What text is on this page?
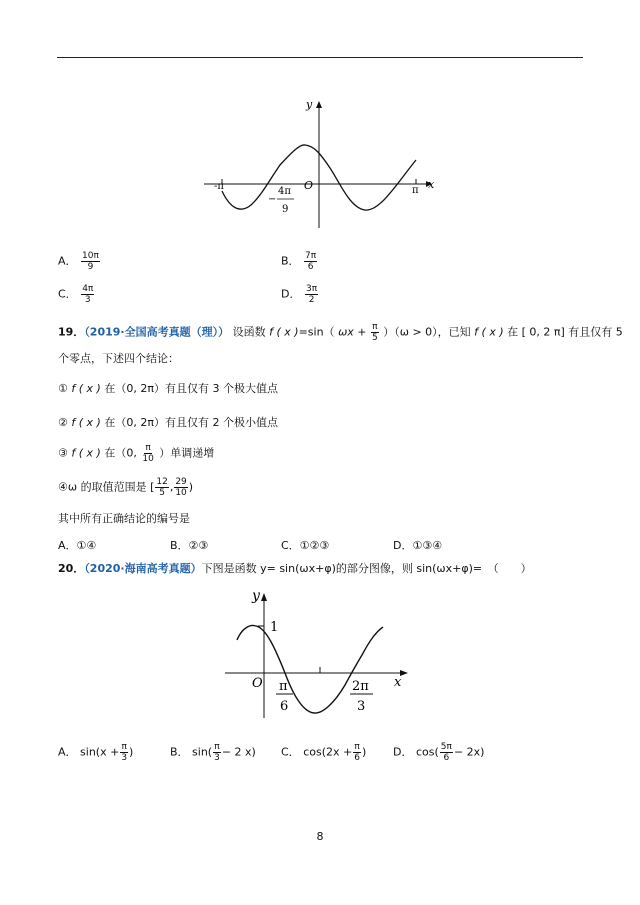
y
x
O
-π	π
−
4π
9
A． $\frac{10\pi}{9}$	B． $\frac{7\pi}{6}$
C． $\frac{4\pi}{3}$	D． $\frac{3\pi}{2}$
19．（2019·全国高考真题（理）） 设函数 f ( x )=sin（ $\omega x + \frac{\pi}{5} )(\omega > 0)$，已知 f ( x ) 在 [ 0, 2 π] 有且仅有 5
个零点，下述四个结论：
① f ( x ) 在（0, 2π）有且仅有 3 个极大值点
② f ( x ) 在（0, 2π）有且仅有 2 个极小值点
③ f ( x ) 在（0, $\frac{\pi}{10}$ ）单调递增
④ω 的取值范围是 [ $\frac{12}{5}$ , $\frac{29}{10}$ )
其中所有正确结论的编号是
A．①④	B．②③	C．①②③	D．①③④
20．（2020·海南高考真题）下图是函数 y= sin(ωx+φ)的部分图像，则 sin(ωx+φ)=　（　　）
y
x
O
1
π
6
2π
3
A． $\sin(x + \frac{\pi}{3}$ )	B． $\sin( \frac{\pi}{3} - 2$ x) C． $\cos(2x + \frac{\pi}{6}$ ) D． $\cos( \frac{5\pi}{6} - 2x)$
8
